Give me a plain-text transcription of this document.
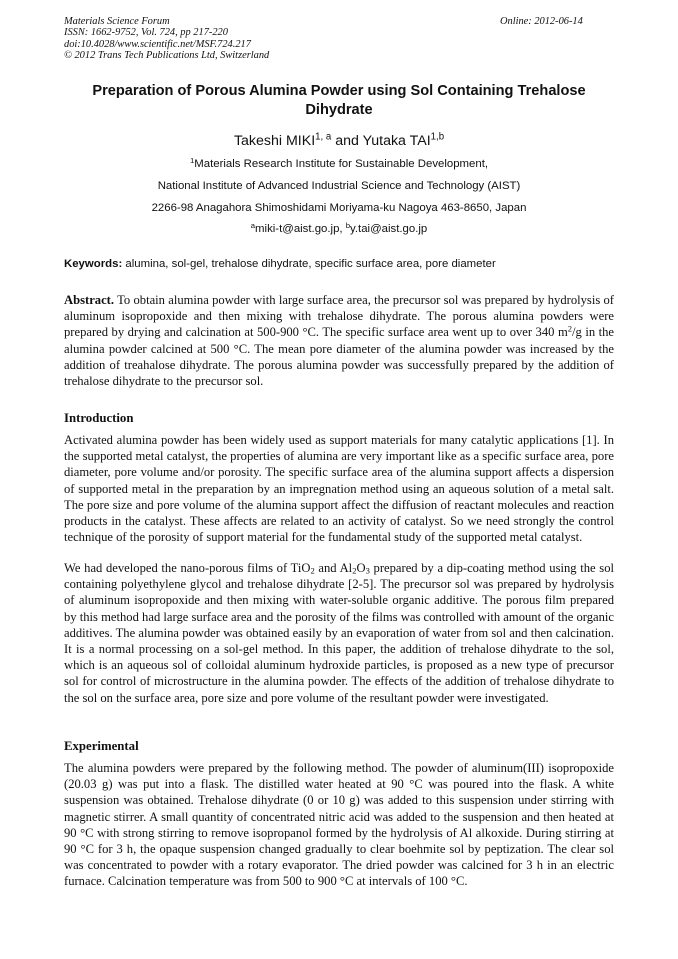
Materials Science Forum
ISSN: 1662-9752, Vol. 724, pp 217-220
doi:10.4028/www.scientific.net/MSF.724.217
© 2012 Trans Tech Publications Ltd, Switzerland
Online: 2012-06-14
Preparation of Porous Alumina Powder using Sol Containing Trehalose
Dihydrate
Takeshi MIKI$^{1, a}$ and Yutaka TAI$^{1,b}$
$^1$Materials Research Institute for Sustainable Development,
National Institute of Advanced Industrial Science and Technology (AIST)
2266-98 Anagahora Shimoshidami Moriyama-ku Nagoya 463-8650, Japan
$^a$miki-t@aist.go.jp, $^b$y.tai@aist.go.jp
Keywords: alumina, sol-gel, trehalose dihydrate, specific surface area, pore diameter
Abstract. To obtain alumina powder with large surface area, the precursor sol was prepared by hydrolysis of aluminum isopropoxide and then mixing with trehalose dihydrate. The porous alumina powders were prepared by drying and calcination at 500-900 °C. The specific surface area went up to over 340 $m^2/g$ in the alumina powder calcined at 500 °C. The mean pore diameter of the alumina powder was increased by the addition of treahalose dihydrate. The porous alumina powder was successfully prepared by the addition of trehalose dihydrate to the precursor sol.
Introduction
Activated alumina powder has been widely used as support materials for many catalytic applications [1]. In the supported metal catalyst, the properties of alumina are very important like as a specific surface area, pore diameter, pore volume and/or porosity. The specific surface area of the alumina support affects a dispersion of supported metal in the preparation by an impregnation method using an aqueous solution of a metal salt. The pore size and pore volume of the alumina support affect the diffusion of reactant molecules and reaction products in the catalyst. These affects are related to an activity of catalyst. So we need strongly the control technique of the porosity of support material for the fundamental study of the supported metal catalyst.
We had developed the nano-porous films of TiO$_2$ and $Al_2O_3$ prepared by a dip-coating method using the sol containing polyethylene glycol and trehalose dihydrate [2-5]. The precursor sol was prepared by hydrolysis of aluminum isopropoxide and then mixing with water-soluble organic additive. The porous film prepared by this method had large surface area and the porosity of the films was controlled with amount of the organic additives. The alumina powder was obtained easily by an evaporation of water from sol and then calcination. It is a normal processing on a sol-gel method. In this paper, the addition of trehalose dihydrate to the sol, which is an aqueous sol of colloidal aluminum hydroxide particles, is proposed as a new type of precursor sol for control of microstructure in the alumina powder. The effects of the addition of trehalose dihydrate to the sol on the surface area, pore size and pore volume of the resultant powder were investigated.
Experimental
The alumina powders were prepared by the following method. The powder of aluminum(III) isopropoxide (20.03 g) was put into a flask. The distilled water heated at 90 °C was poured into the flask. A white suspension was obtained. Trehalose dihydrate (0 or 10 g) was added to this suspension under stirring with magnetic stirrer. A small quantity of concentrated nitric acid was added to the suspension and then heated at 90 °C with strong stirring to remove isopropanol formed by the hydrolysis of Al alkoxide. During stirring at 90 °C for 3 h, the opaque suspension changed gradually to clear boehmite sol by peptization. The clear sol was concentrated to powder with a rotary evaporator. The dried powder was calcined for 3 h in an electric furnace. Calcination temperature was from 500 to 900 °C at intervals of 100 °C.
